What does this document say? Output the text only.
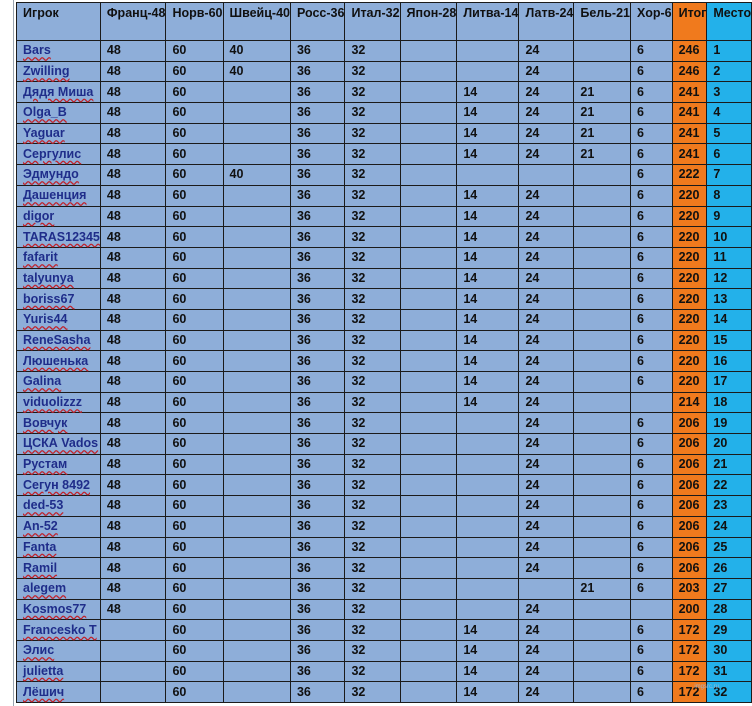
Игрок	Франц-48	Норв-60	Швейц-40	Росс-36	Итал-32	Япон-28	Литва-14	Латв-24	Бель-21	Хор-6	Итог	Место
Bars	48	60	40	36	32			24		6	246	1
Zwilling	48	60	40	36	32			24		6	246	2
Дядя Миша	48	60		36	32		14	24	21	6	241	3
Olga_B	48	60		36	32		14	24	21	6	241	4
Yaguar	48	60		36	32		14	24	21	6	241	5
Сергулис	48	60		36	32		14	24	21	6	241	6
Эдмундо	48	60	40	36	32					6	222	7
Дашенция	48	60		36	32		14	24		6	220	8
digor	48	60		36	32		14	24		6	220	9
TARAS12345	48	60		36	32		14	24		6	220	10
fafarit	48	60		36	32		14	24		6	220	11
talyunya	48	60		36	32		14	24		6	220	12
boriss67	48	60		36	32		14	24		6	220	13
Yuris44	48	60		36	32		14	24		6	220	14
ReneSasha	48	60		36	32		14	24		6	220	15
Люшенька	48	60		36	32		14	24		6	220	16
Galina	48	60		36	32		14	24		6	220	17
viduolizzz	48	60		36	32		14	24			214	18
Вовчук	48	60		36	32			24		6	206	19
ЦСКА Vados	48	60		36	32			24		6	206	20
Рустам	48	60		36	32			24		6	206	21
Сегун 8492	48	60		36	32			24		6	206	22
ded-53	48	60		36	32			24		6	206	23
An-52	48	60		36	32			24		6	206	24
Fanta	48	60		36	32			24		6	206	25
Ramil	48	60		36	32			24		6	206	26
alegem	48	60		36	32				21	6	203	27
Kosmos77	48	60		36	32			24			200	28
Francesko T		60		36	32		14	24		6	172	29
Элис		60		36	32		14	24		6	172	30
julietta		60		36	32		14	24		6	172	31
Лёшич		60		36	32		14	24		6	172	32
imgsrc.ru
